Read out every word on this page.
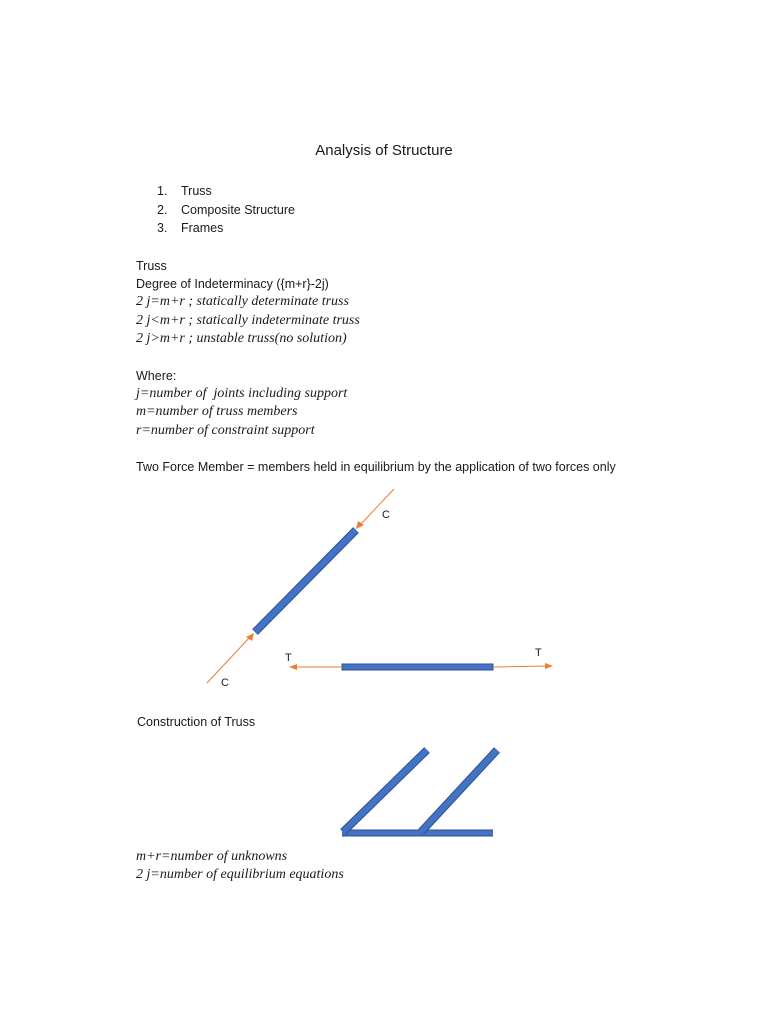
Analysis of Structure
1. Truss
2. Composite Structure
3. Frames
Truss
Degree of Indeterminacy ({m+r}-2j)
2 j=m+r ; statically determinate truss
2 j<m+r ; statically indeterminate truss
2 j>m+r ; unstable truss(no solution)
Where:
j=number of  joints including support
m=number of truss members
r=number of constraint support
Two Force Member = members held in equilibrium by the application of two forces only
C
C
T	T
Construction of Truss
m+r=number of unknowns
2 j=number of equilibrium equations
